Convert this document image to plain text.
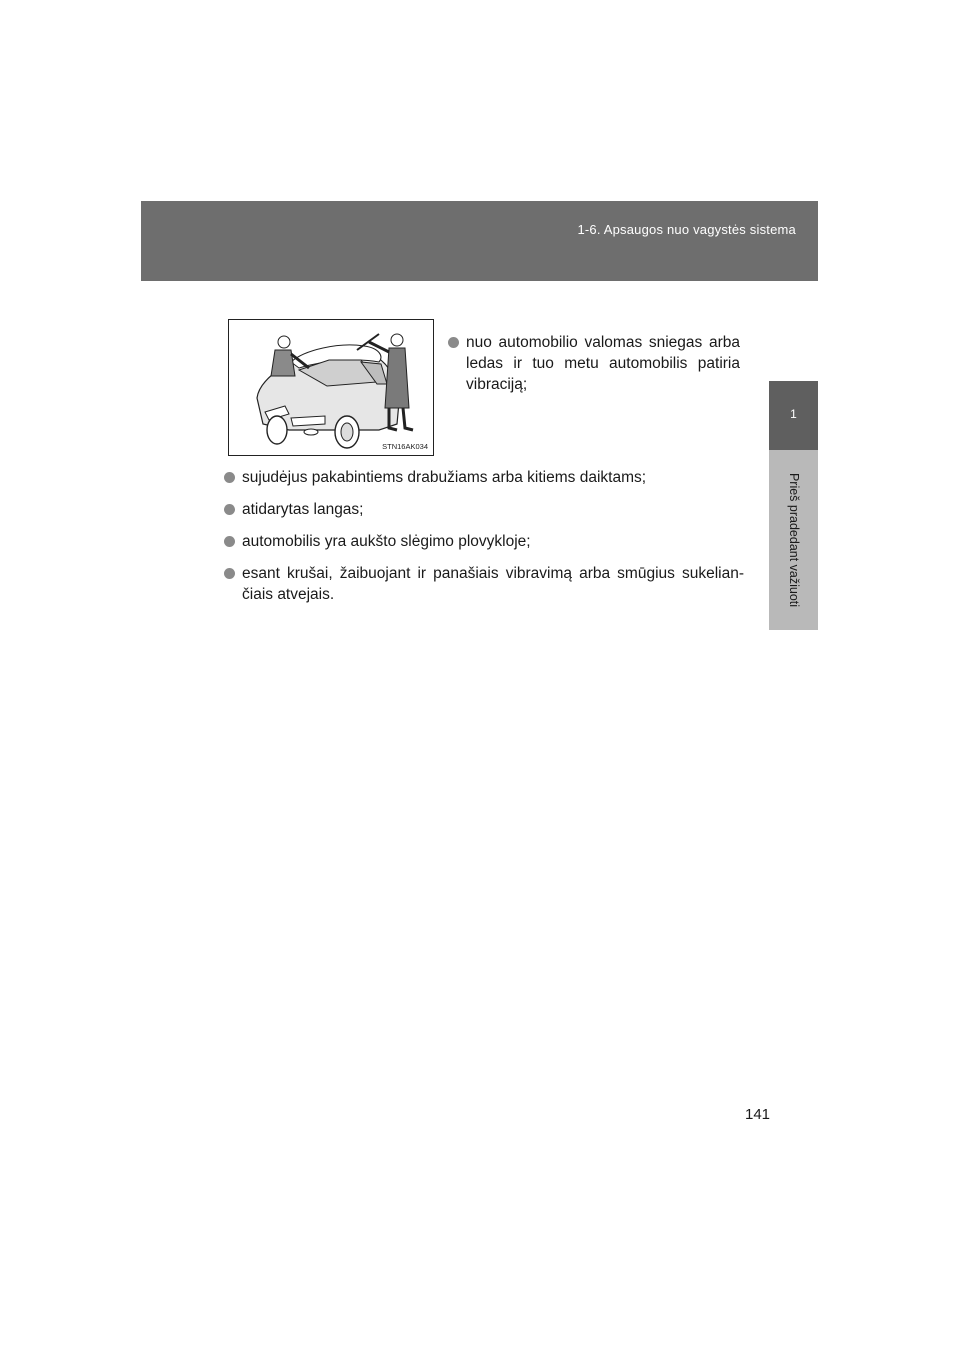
1-6. Apsaugos nuo vagystės sistema
1
Prieš pradedant važiuoti
STN16AK034
nuo automobilio valomas sniegas arba ledas ir tuo metu automobilis patiria vibraciją;
sujudėjus pakabintiems drabužiams arba kitiems daiktams;
atidarytas langas;
automobilis yra aukšto slėgimo plovykloje;
esant krušai, žaibuojant ir panašiais vibravimą arba smūgius sukelian-čiais atvejais.
141
